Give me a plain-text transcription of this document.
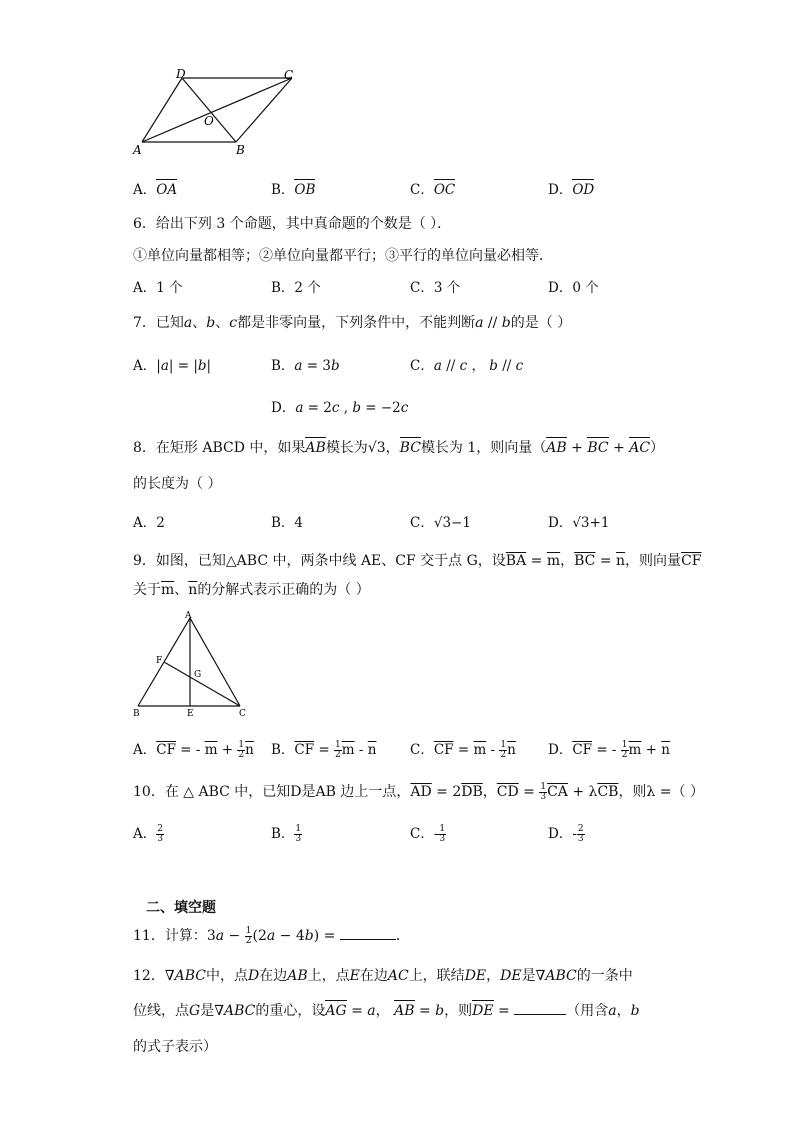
A	B
C
D
O
A．OA	B．OB	C．OC	D．OD
6．给出下列 3 个命题，其中真命题的个数是（ ）．
①单位向量都相等；②单位向量都平行；③平行的单位向量必相等．
A．1 个	B．2 个	C．3 个	D．0 个
7．已知a、b、c都是非零向量，下列条件中，不能判断a // b的是（ ）
A．|a| = |b|	B．a = 3b	C．a // c ， b // c
D．a = 2c , b = −2c
8．在矩形 ABCD 中，如果AB模长为√3，BC模长为 1，则向量（AB + BC + AC）
的长度为（ ）
A．2	B．4	C．√3−1	D．√3+1
9．如图，已知△ABC 中，两条中线 AE、CF 交于点 G，设$\overline{BA} = \overline{m}$，$\overline{BC} = \overline{n}$，则向量$\overline{CF}$
关于$\overline{m}$、$\overline{n}$的分解式表示正确的为（ ）
A
B	C
E
F
G
A．$\overline{CF}$ = - $\overline{m} + \frac{1}{2} \overline{n}$ B．$\overline{CF} = \frac{1}{2} \overline{m} - \overline{n}$ C．$\overline{CF} = \overline{m} - \frac{1}{2} \overline{n}$ D．$\overline{CF}$ = - $\frac{1}{2} \overline{m} + \overline{n}$
10．在 △ ABC 中，已知D是AB 边上一点，$\overline{AD} = 2\overline{DB}$，$\overline{CD} = \frac{1}{3} \overline{CA} + \lambda\overline{CB}$，则λ =（ ）
A． $\frac{2}{3}$	B． $\frac{1}{3}$	C．- $\frac{1}{3}$	D．- $\frac{2}{3}$
二、填空题
11．计算：$3a - \frac{1}{2} (2a - 4b)$ =	．
12．∇ABC中，点D在边AB上，点E在边AC上，联结DE，DE是∇ABC的一条中
位线，点G是∇ABC的重心，设AG = a， AB = b，则DE =	（用含a，b
的式子表示）
